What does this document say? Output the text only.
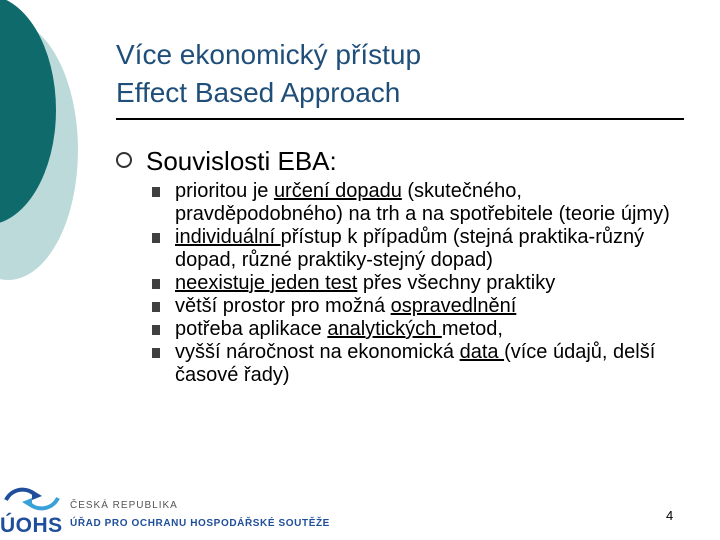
Více ekonomický přístup
Effect Based Approach
Souvislosti EBA:

prioritou je určení dopadu (skutečného, pravděpodobného) na trh a na spotřebitele (teorie újmy)

individuální přístup k případům (stejná praktika-různý dopad, různé praktiky-stejný dopad)

neexistuje jeden test přes všechny praktiky

větší prostor pro možná ospravedlnění

potřeba aplikace analytických metod,

vyšší náročnost na ekonomická data (více údajů, delší časové řady)

ÚOHS
ČESKÁ REPUBLIKA
ÚŘAD PRO OCHRANU HOSPODÁŘSKÉ SOUTĚŽE
4
